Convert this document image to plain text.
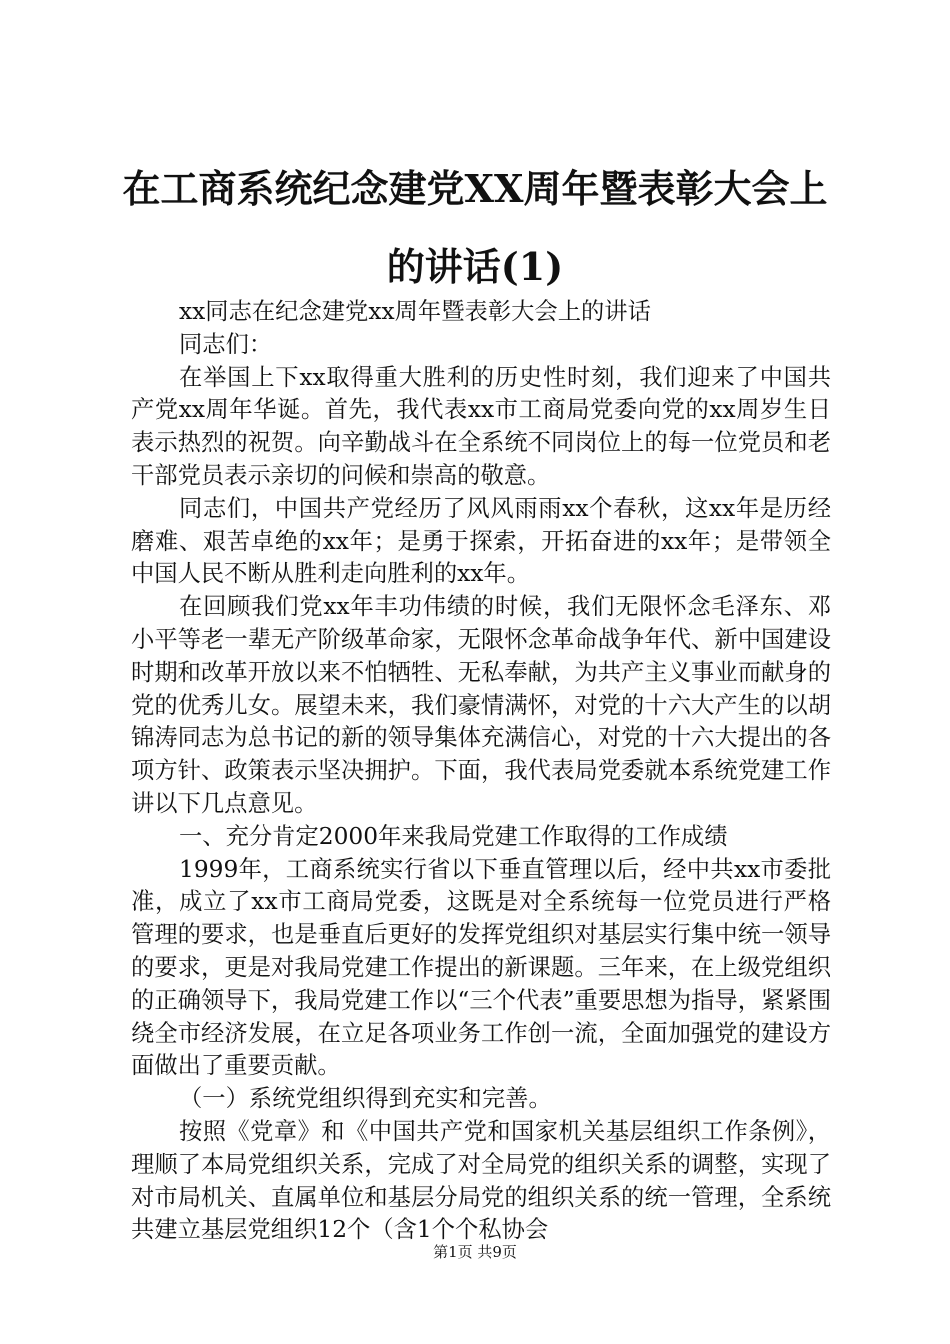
在工商系统纪念建党XX周年暨表彰大会上的讲话(1)

xx同志在纪念建党xx周年暨表彰大会上的讲话

同志们：

在举国上下xx取得重大胜利的历史性时刻，我们迎来了中国共产党xx周年华诞。首先，我代表xx市工商局党委向党的xx周岁生日表示热烈的祝贺。向辛勤战斗在全系统不同岗位上的每一位党员和老干部党员表示亲切的问候和崇高的敬意。

同志们，中国共产党经历了风风雨雨xx个春秋，这xx年是历经磨难、艰苦卓绝的xx年；是勇于探索，开拓奋进的xx年；是带领全中国人民不断从胜利走向胜利的xx年。

在回顾我们党xx年丰功伟绩的时候，我们无限怀念毛泽东、邓小平等老一辈无产阶级革命家，无限怀念革命战争年代、新中国建设时期和改革开放以来不怕牺牲、无私奉献，为共产主义事业而献身的党的优秀儿女。展望未来，我们豪情满怀，对党的十六大产生的以胡锦涛同志为总书记的新的领导集体充满信心，对党的十六大提出的各项方针、政策表示坚决拥护。下面，我代表局党委就本系统党建工作讲以下几点意见。

一、充分肯定2000年来我局党建工作取得的工作成绩

1999年，工商系统实行省以下垂直管理以后，经中共xx市委批准，成立了xx市工商局党委，这既是对全系统每一位党员进行严格管理的要求，也是垂直后更好的发挥党组织对基层实行集中统一领导的要求，更是对我局党建工作提出的新课题。三年来，在上级党组织的正确领导下，我局党建工作以“三个代表”重要思想为指导，紧紧围绕全市经济发展，在立足各项业务工作创一流，全面加强党的建设方面做出了重要贡献。

（一）系统党组织得到充实和完善。

按照《党章》和《中国共产党和国家机关基层组织工作条例》，理顺了本局党组织关系，完成了对全局党的组织关系的调整，实现了对市局机关、直属单位和基层分局党的组织关系的统一管理，全系统共建立基层党组织12个（含1个个私协会

第1页 共9页
